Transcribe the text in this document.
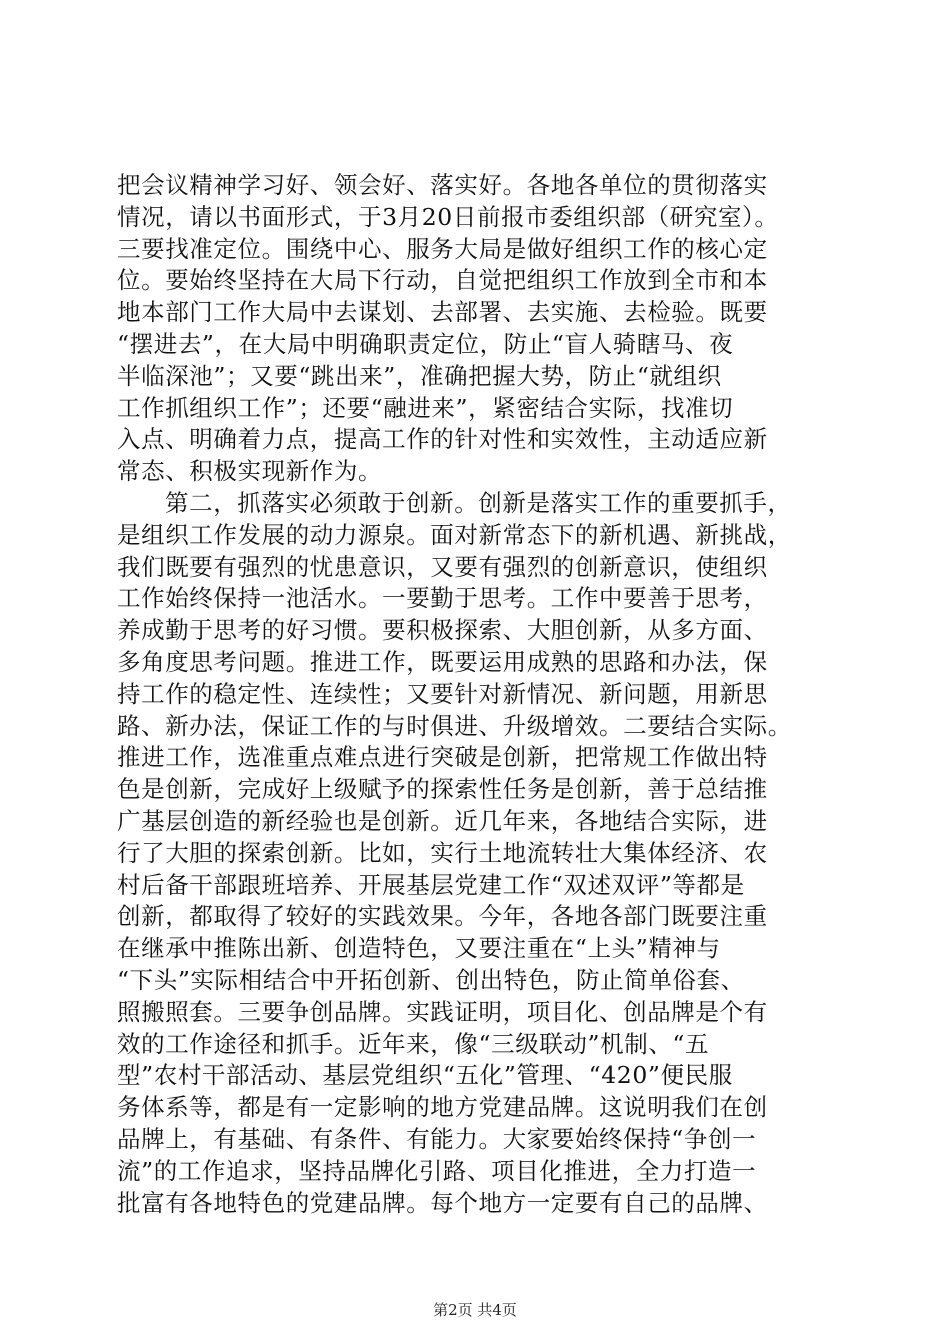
把会议精神学习好、领会好、落实好。各地各单位的贯彻落实
情况，请以书面形式，于3月20日前报市委组织部（研究室）。
三要找准定位。围绕中心、服务大局是做好组织工作的核心定
位。要始终坚持在大局下行动，自觉把组织工作放到全市和本
地本部门工作大局中去谋划、去部署、去实施、去检验。既要
“摆进去”，在大局中明确职责定位，防止“盲人骑瞎马、夜
半临深池”；又要“跳出来”，准确把握大势，防止“就组织
工作抓组织工作”；还要“融进来”，紧密结合实际，找准切
入点、明确着力点，提高工作的针对性和实效性，主动适应新
常态、积极实现新作为。
第二，抓落实必须敢于创新。创新是落实工作的重要抓手，
是组织工作发展的动力源泉。面对新常态下的新机遇、新挑战，
我们既要有强烈的忧患意识，又要有强烈的创新意识，使组织
工作始终保持一池活水。一要勤于思考。工作中要善于思考，
养成勤于思考的好习惯。要积极探索、大胆创新，从多方面、
多角度思考问题。推进工作，既要运用成熟的思路和办法，保
持工作的稳定性、连续性；又要针对新情况、新问题，用新思
路、新办法，保证工作的与时俱进、升级增效。二要结合实际。
推进工作，选准重点难点进行突破是创新，把常规工作做出特
色是创新，完成好上级赋予的探索性任务是创新，善于总结推
广基层创造的新经验也是创新。近几年来，各地结合实际，进
行了大胆的探索创新。比如，实行土地流转壮大集体经济、农
村后备干部跟班培养、开展基层党建工作“双述双评”等都是
创新，都取得了较好的实践效果。今年，各地各部门既要注重
在继承中推陈出新、创造特色，又要注重在“上头”精神与
“下头”实际相结合中开拓创新、创出特色，防止简单俗套、
照搬照套。三要争创品牌。实践证明，项目化、创品牌是个有
效的工作途径和抓手。近年来，像“三级联动”机制、“五
型”农村干部活动、基层党组织“五化”管理、“420”便民服
务体系等，都是有一定影响的地方党建品牌。这说明我们在创
品牌上，有基础、有条件、有能力。大家要始终保持“争创一
流”的工作追求，坚持品牌化引路、项目化推进，全力打造一
批富有各地特色的党建品牌。每个地方一定要有自己的品牌、
第2页 共4页
